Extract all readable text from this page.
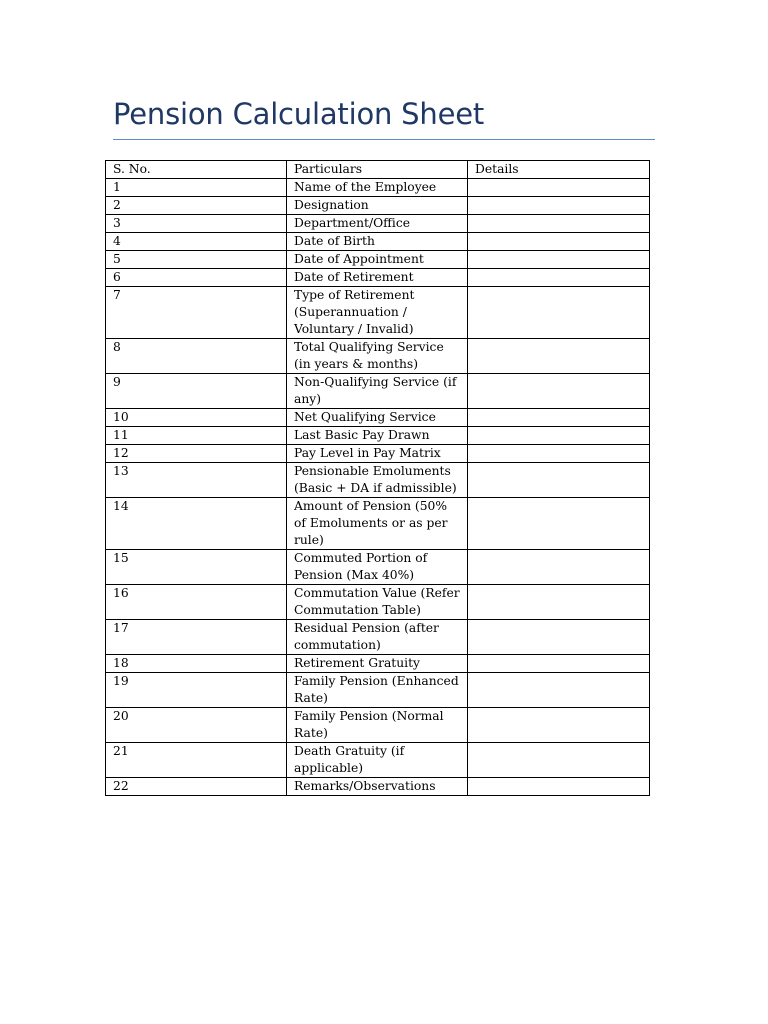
Pension Calculation Sheet
S. No.	Particulars	Details
1	Name of the Employee	
2	Designation	
3	Department/Office	
4	Date of Birth	
5	Date of Appointment	
6	Date of Retirement	
7	Type of Retirement (Superannuation / Voluntary / Invalid)	
8	Total Qualifying Service (in years & months)	
9	Non-Qualifying Service (if any)	
10	Net Qualifying Service	
11	Last Basic Pay Drawn	
12	Pay Level in Pay Matrix	
13	Pensionable Emoluments (Basic + DA if admissible)	
14	Amount of Pension (50% of Emoluments or as per rule)	
15	Commuted Portion of Pension (Max 40%)	
16	Commutation Value (Refer Commutation Table)	
17	Residual Pension (after commutation)	
18	Retirement Gratuity	
19	Family Pension (Enhanced Rate)	
20	Family Pension (Normal Rate)	
21	Death Gratuity (if applicable)	
22	Remarks/Observations	
